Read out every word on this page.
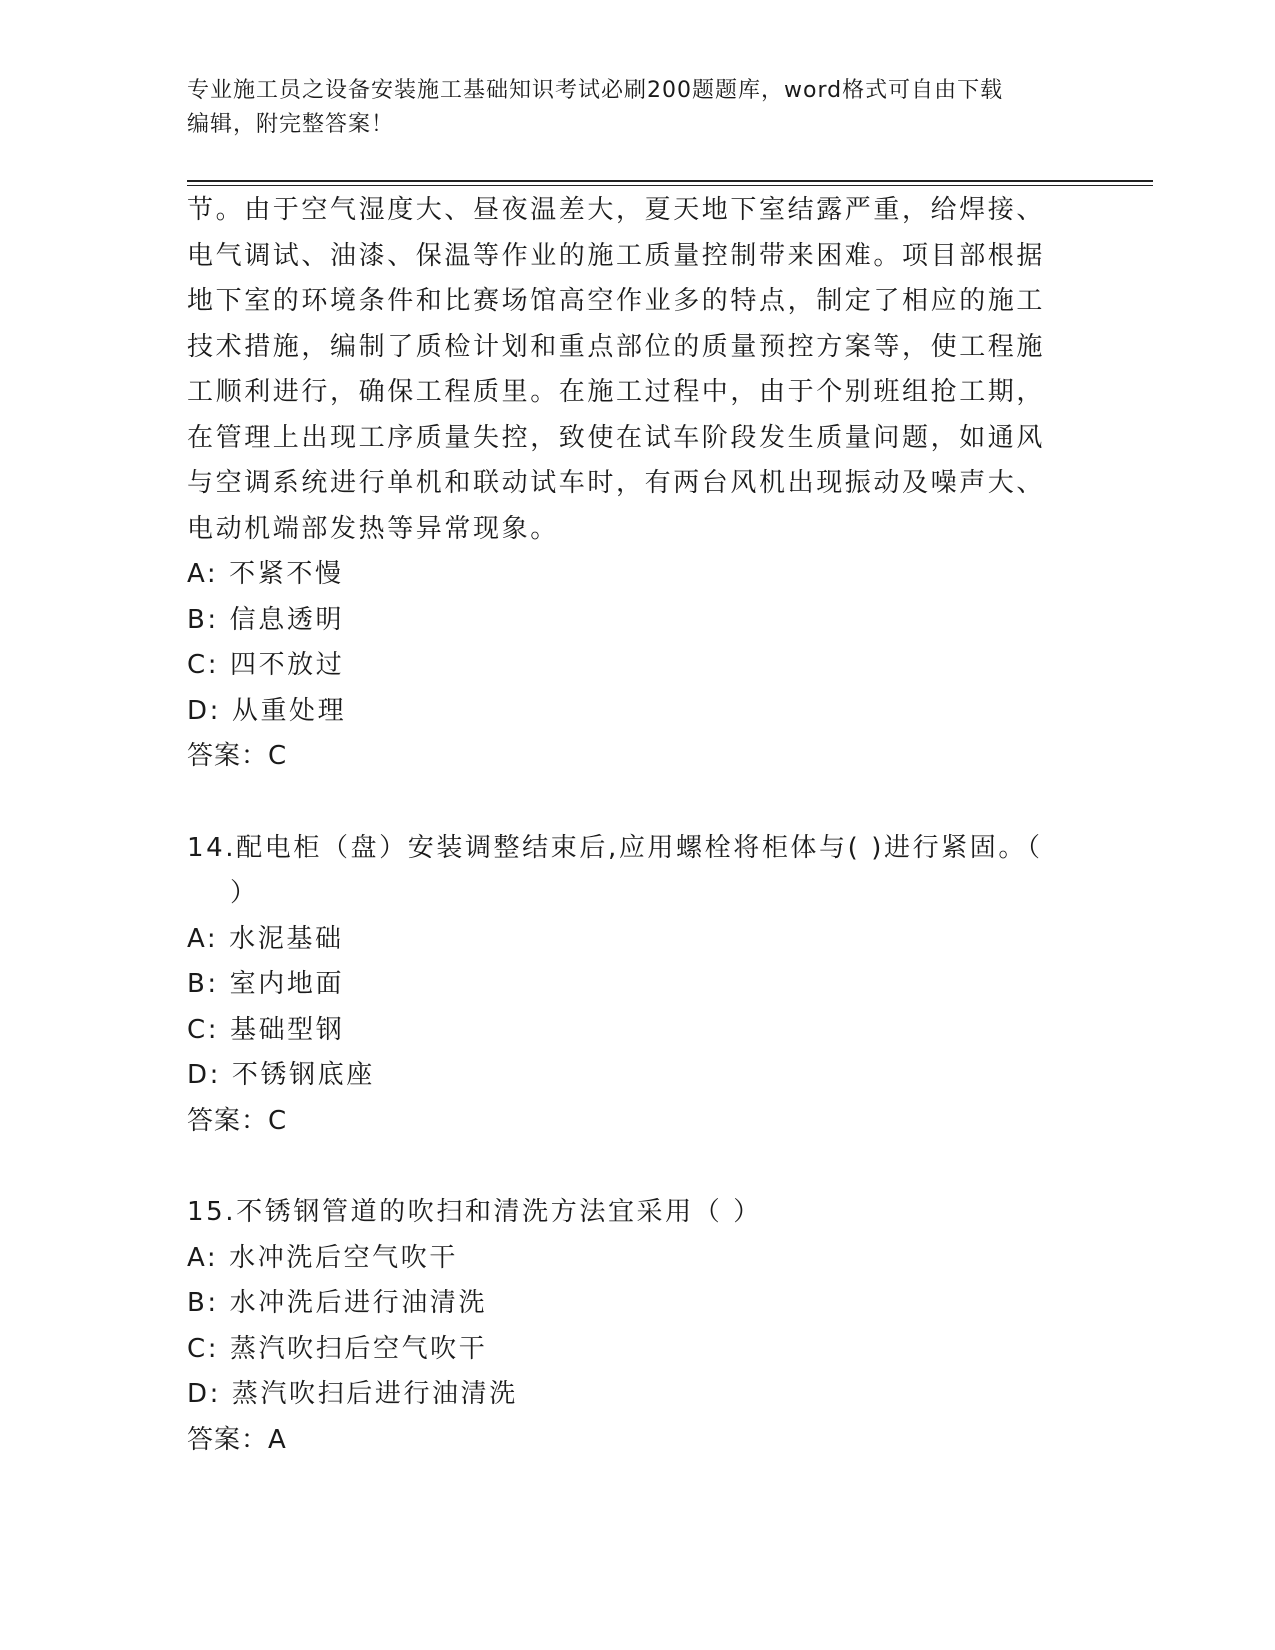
专业施工员之设备安装施工基础知识考试必刷200题题库，word格式可自由下载
编辑，附完整答案！
节。由于空气湿度大、昼夜温差大，夏天地下室结露严重，给焊接、
电气调试、油漆、保温等作业的施工质量控制带来困难。项目部根据
地下室的环境条件和比赛场馆高空作业多的特点，制定了相应的施工
技术措施，编制了质检计划和重点部位的质量预控方案等，使工程施
工顺利进行，确保工程质里。在施工过程中，由于个别班组抢工期，
在管理上出现工序质量失控，致使在试车阶段发生质量问题，如通风
与空调系统进行单机和联动试车时，有两台风机出现振动及噪声大、
电动机端部发热等异常现象。
A: 不紧不慢
B: 信息透明
C: 四不放过
D: 从重处理
答案：C
14.配电柜（盘）安装调整结束后,应用螺栓将柜体与( )进行紧固。（
）
A: 水泥基础
B: 室内地面
C: 基础型钢
D: 不锈钢底座
答案：C
15.不锈钢管道的吹扫和清洗方法宜采用（ ）
A: 水冲洗后空气吹干
B: 水冲洗后进行油清洗
C: 蒸汽吹扫后空气吹干
D: 蒸汽吹扫后进行油清洗
答案：A
